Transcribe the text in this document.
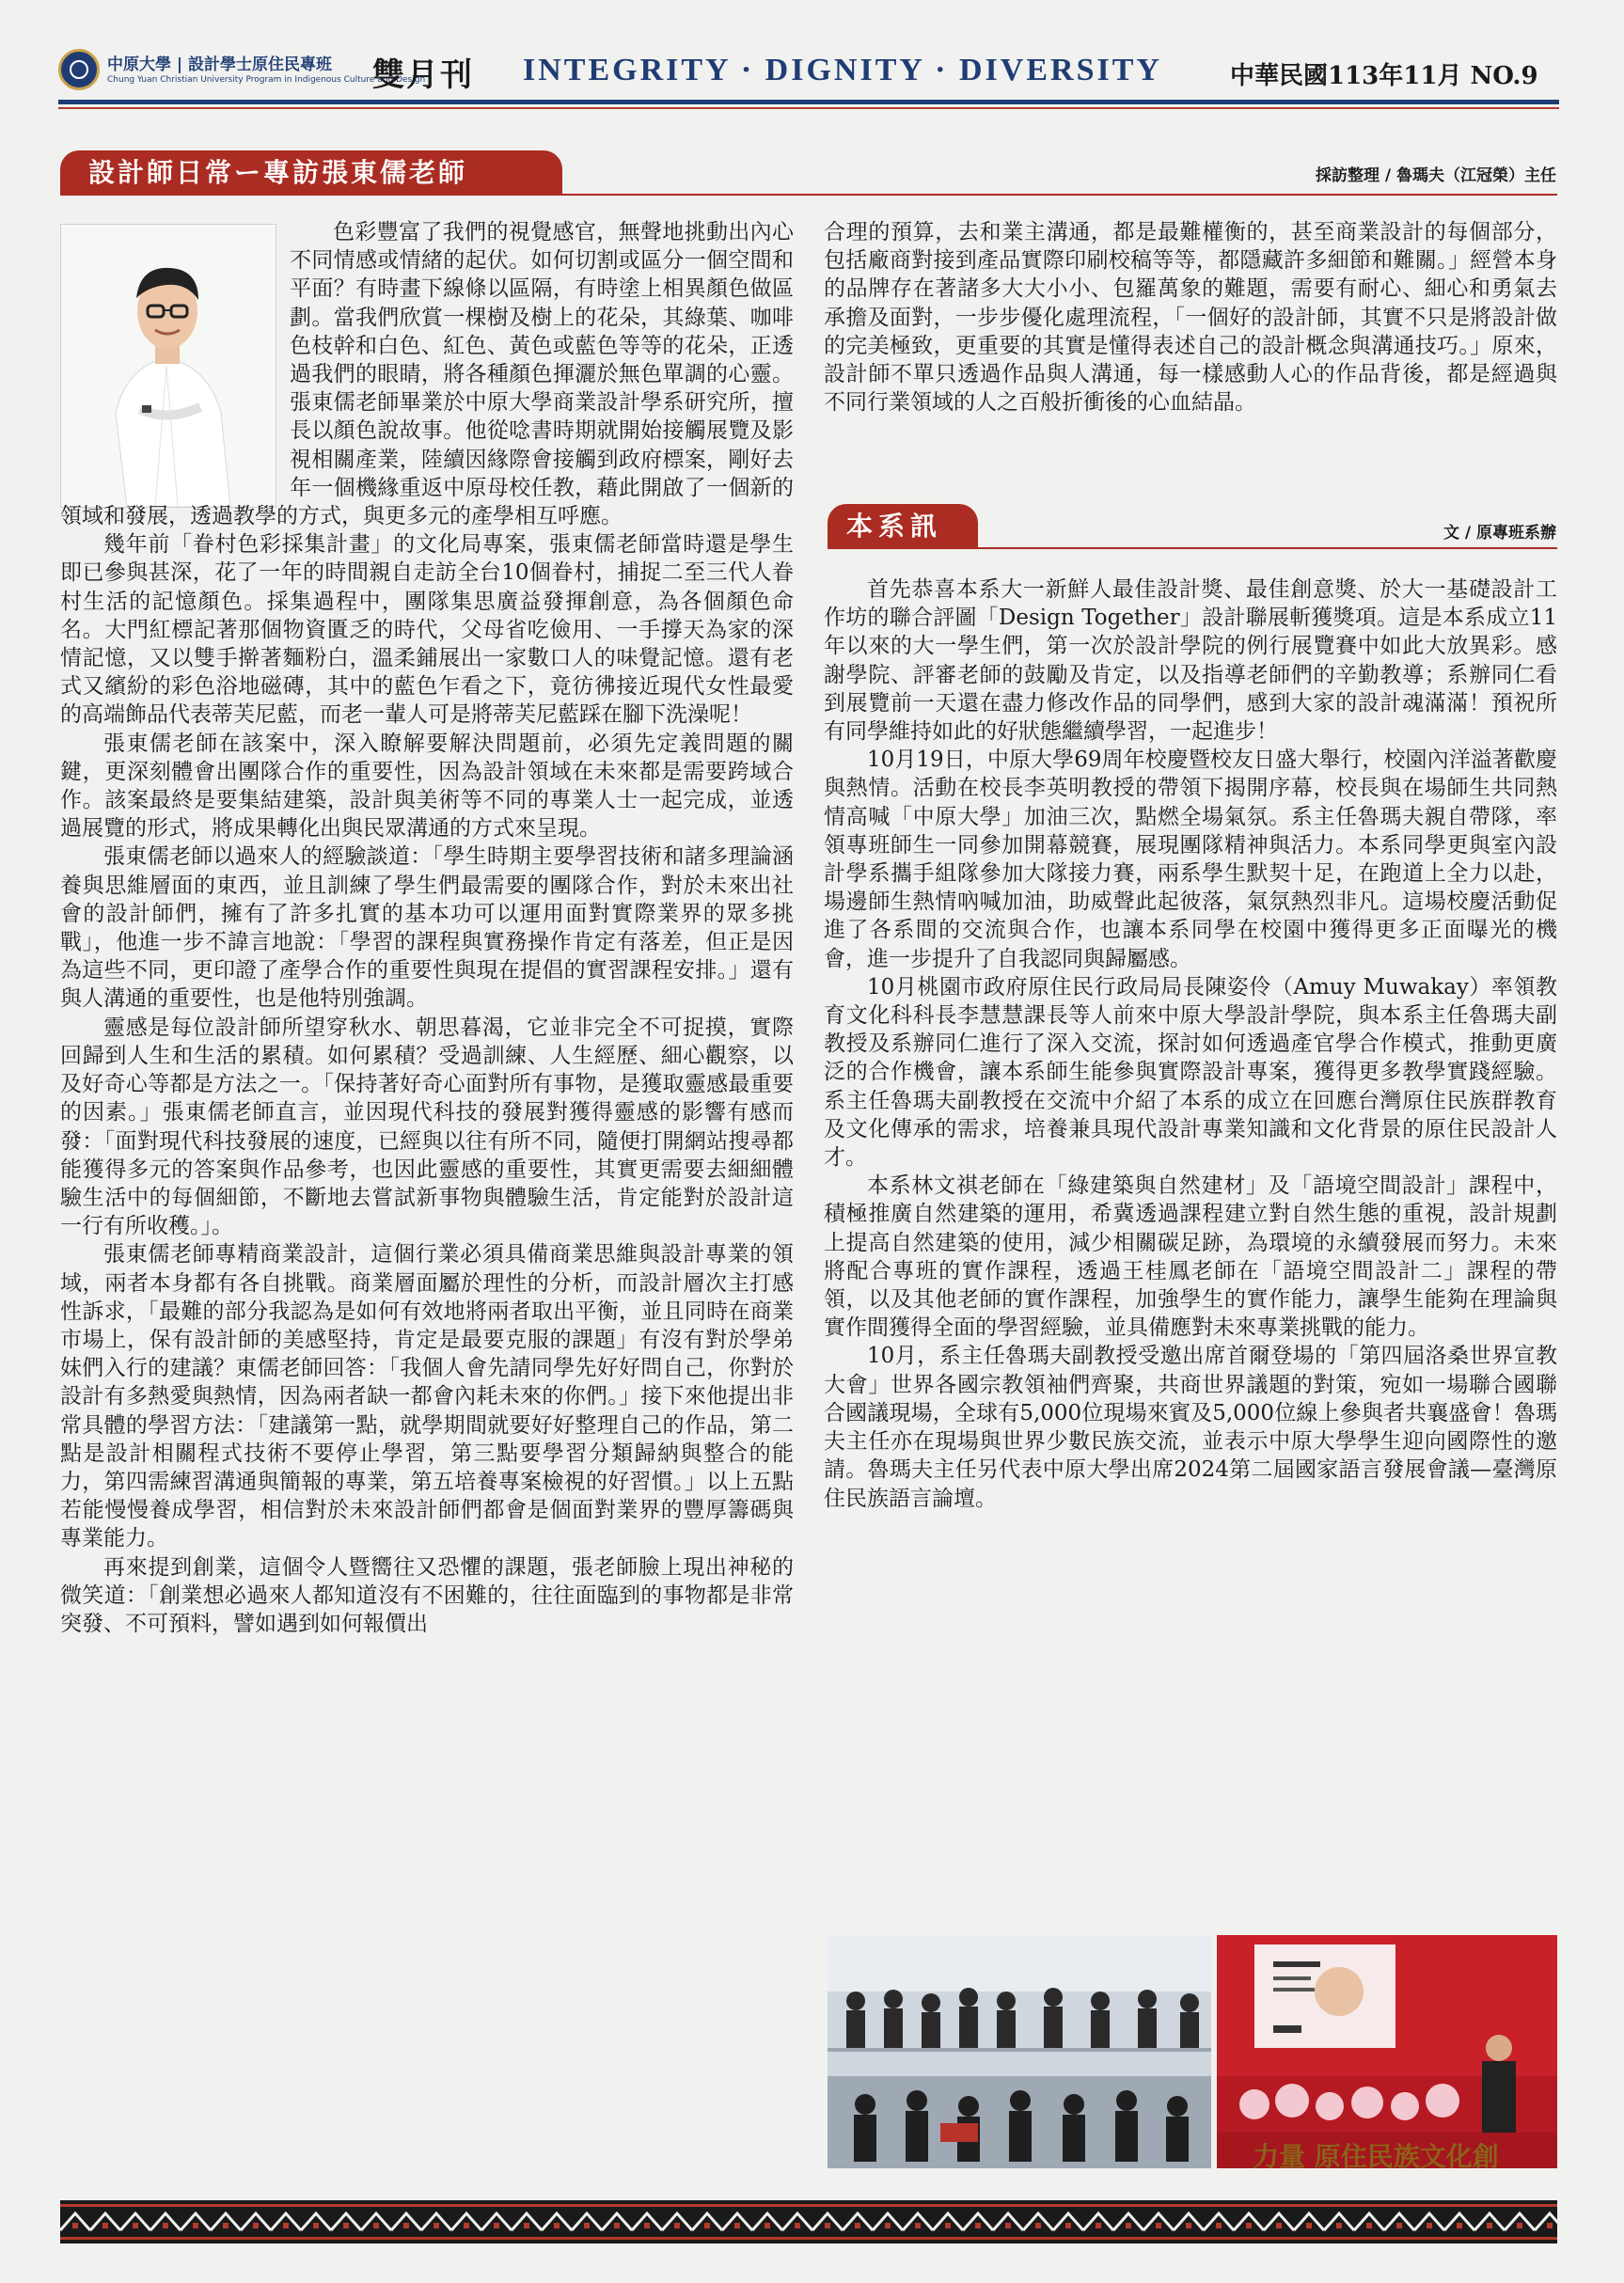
中原大學 | 設計學士原住民專班
Chung Yuan Christian University Program in Indigenous Culture and Design
雙月刊 INTEGRITY · DIGNITY · DIVERSITY	中華民國113年11月 NO.9
設計師日常ー專訪張東儒老師	採訪整理 / 魯瑪夫（江冠榮）主任

色彩豐富了我們的視覺感官，無聲地挑動出內心不同情感或情緒的起伏。如何切割或區分一個空間和平面？有時畫下線條以區隔，有時塗上相異顏色做區劃。當我們欣賞一棵樹及樹上的花朵，其綠葉、咖啡色枝幹和白色、紅色、黃色或藍色等等的花朵，正透過我們的眼睛，將各種顏色揮灑於無色單調的心靈。張東儒老師畢業於中原大學商業設計學系研究所，擅長以顏色說故事。他從唸書時期就開始接觸展覽及影視相關產業，陸續因緣際會接觸到政府標案，剛好去年一個機緣重返中原母校任教，藉此開啟了一個新的領域和發展，透過教學的方式，與更多元的產學相互呼應。

幾年前「眷村色彩採集計畫」的文化局專案，張東儒老師當時還是學生即已參與甚深，花了一年的時間親自走訪全台10個眷村，捕捉二至三代人眷村生活的記憶顏色。採集過程中，團隊集思廣益發揮創意，為各個顏色命名。大門紅標記著那個物資匱乏的時代，父母省吃儉用、一手撐天為家的深情記憶，又以雙手擀著麵粉白，溫柔鋪展出一家數口人的味覺記憶。還有老式又繽紛的彩色浴地磁磚，其中的藍色乍看之下，竟彷彿接近現代女性最愛的高端飾品代表蒂芙尼藍，而老一輩人可是將蒂芙尼藍踩在腳下洗澡呢！

張東儒老師在該案中，深入瞭解要解決問題前，必須先定義問題的關鍵，更深刻體會出團隊合作的重要性，因為設計領域在未來都是需要跨域合作。該案最終是要集結建築，設計與美術等不同的專業人士一起完成，並透過展覽的形式，將成果轉化出與民眾溝通的方式來呈現。

張東儒老師以過來人的經驗談道：「學生時期主要學習技術和諸多理論涵養與思維層面的東西，並且訓練了學生們最需要的團隊合作，對於未來出社會的設計師們，擁有了許多扎實的基本功可以運用面對實際業界的眾多挑戰」，他進一步不諱言地說：「學習的課程與實務操作肯定有落差，但正是因為這些不同，更印證了產學合作的重要性與現在提倡的實習課程安排。」還有與人溝通的重要性，也是他特別強調。

靈感是每位設計師所望穿秋水、朝思暮渴，它並非完全不可捉摸，實際回歸到人生和生活的累積。如何累積？受過訓練、人生經歷、細心觀察，以及好奇心等都是方法之一。「保持著好奇心面對所有事物，是獲取靈感最重要的因素。」張東儒老師直言，並因現代科技的發展對獲得靈感的影響有感而發：「面對現代科技發展的速度，已經與以往有所不同，隨便打開網站搜尋都能獲得多元的答案與作品參考，也因此靈感的重要性，其實更需要去細細體驗生活中的每個細節，不斷地去嘗試新事物與體驗生活，肯定能對於設計這一行有所收穫。」。

張東儒老師專精商業設計，這個行業必須具備商業思維與設計專業的領域，兩者本身都有各自挑戰。商業層面屬於理性的分析，而設計層次主打感性訴求，「最難的部分我認為是如何有效地將兩者取出平衡，並且同時在商業市場上，保有設計師的美感堅持，肯定是最要克服的課題」有沒有對於學弟妹們入行的建議？東儒老師回答：「我個人會先請同學先好好問自己，你對於設計有多熱愛與熱情，因為兩者缺一都會內耗未來的你們。」接下來他提出非常具體的學習方法：「建議第一點，就學期間就要好好整理自己的作品，第二點是設計相關程式技術不要停止學習，第三點要學習分類歸納與整合的能力，第四需練習溝通與簡報的專業，第五培養專案檢視的好習慣。」以上五點若能慢慢養成學習，相信對於未來設計師們都會是個面對業界的豐厚籌碼與專業能力。

再來提到創業，這個令人暨嚮往又恐懼的課題，張老師臉上現出神秘的微笑道：「創業想必過來人都知道沒有不困難的，往往面臨到的事物都是非常突發、不可預料，譬如遇到如何報價出

合理的預算，去和業主溝通，都是最難權衡的，甚至商業設計的每個部分，包括廠商對接到產品實際印刷校稿等等，都隱藏許多細節和難關。」經營本身的品牌存在著諸多大大小小、包羅萬象的難題，需要有耐心、細心和勇氣去承擔及面對，一步步優化處理流程，「一個好的設計師，其實不只是將設計做的完美極致，更重要的其實是懂得表述自己的設計概念與溝通技巧。」原來，設計師不單只透過作品與人溝通，每一樣感動人心的作品背後，都是經過與不同行業領域的人之百般折衝後的心血結晶。

本系訊	文 / 原專班系辦

首先恭喜本系大一新鮮人最佳設計獎、最佳創意獎、於大一基礎設計工作坊的聯合評圖「Design Together」設計聯展斬獲獎項。這是本系成立11年以來的大一學生們，第一次於設計學院的例行展覽賽中如此大放異彩。感謝學院、評審老師的鼓勵及肯定，以及指導老師們的辛勤教導；系辦同仁看到展覽前一天還在盡力修改作品的同學們，感到大家的設計魂滿滿！預祝所有同學維持如此的好狀態繼續學習，一起進步！

10月19日，中原大學69周年校慶暨校友日盛大舉行，校園內洋溢著歡慶與熱情。活動在校長李英明教授的帶領下揭開序幕，校長與在場師生共同熱情高喊「中原大學」加油三次，點燃全場氣氛。系主任魯瑪夫親自帶隊，率領專班師生一同參加開幕競賽，展現團隊精神與活力。本系同學更與室內設計學系攜手組隊參加大隊接力賽，兩系學生默契十足，在跑道上全力以赴，場邊師生熱情吶喊加油，助威聲此起彼落，氣氛熱烈非凡。這場校慶活動促進了各系間的交流與合作，也讓本系同學在校園中獲得更多正面曝光的機會，進一步提升了自我認同與歸屬感。

10月桃園市政府原住民行政局局長陳姿伶（Amuy Muwakay）率領教育文化科科長李慧慧課長等人前來中原大學設計學院，與本系主任魯瑪夫副教授及系辦同仁進行了深入交流，探討如何透過產官學合作模式，推動更廣泛的合作機會，讓本系師生能參與實際設計專案，獲得更多教學實踐經驗。系主任魯瑪夫副教授在交流中介紹了本系的成立在回應台灣原住民族群教育及文化傳承的需求，培養兼具現代設計專業知識和文化背景的原住民設計人才。

本系林文祺老師在「綠建築與自然建材」及「語境空間設計」課程中，積極推廣自然建築的運用，希冀透過課程建立對自然生態的重視，設計規劃上提高自然建築的使用，減少相關碳足跡，為環境的永續發展而努力。未來將配合專班的實作課程，透過王桂鳳老師在「語境空間設計二」課程的帶領，以及其他老師的實作課程，加強學生的實作能力，讓學生能夠在理論與實作間獲得全面的學習經驗，並具備應對未來專業挑戰的能力。

10月，系主任魯瑪夫副教授受邀出席首爾登場的「第四屆洛桑世界宣教大會」世界各國宗教領袖們齊聚，共商世界議題的對策，宛如一場聯合國聯合國議現場，全球有5,000位現場來賓及5,000位線上參與者共襄盛會！魯瑪夫主任亦在現場與世界少數民族交流，並表示中原大學學生迎向國際性的邀請。魯瑪夫主任另代表中原大學出席2024第二屆國家語言發展會議—臺灣原住民族語言論壇。

力量 原住民族文化創
